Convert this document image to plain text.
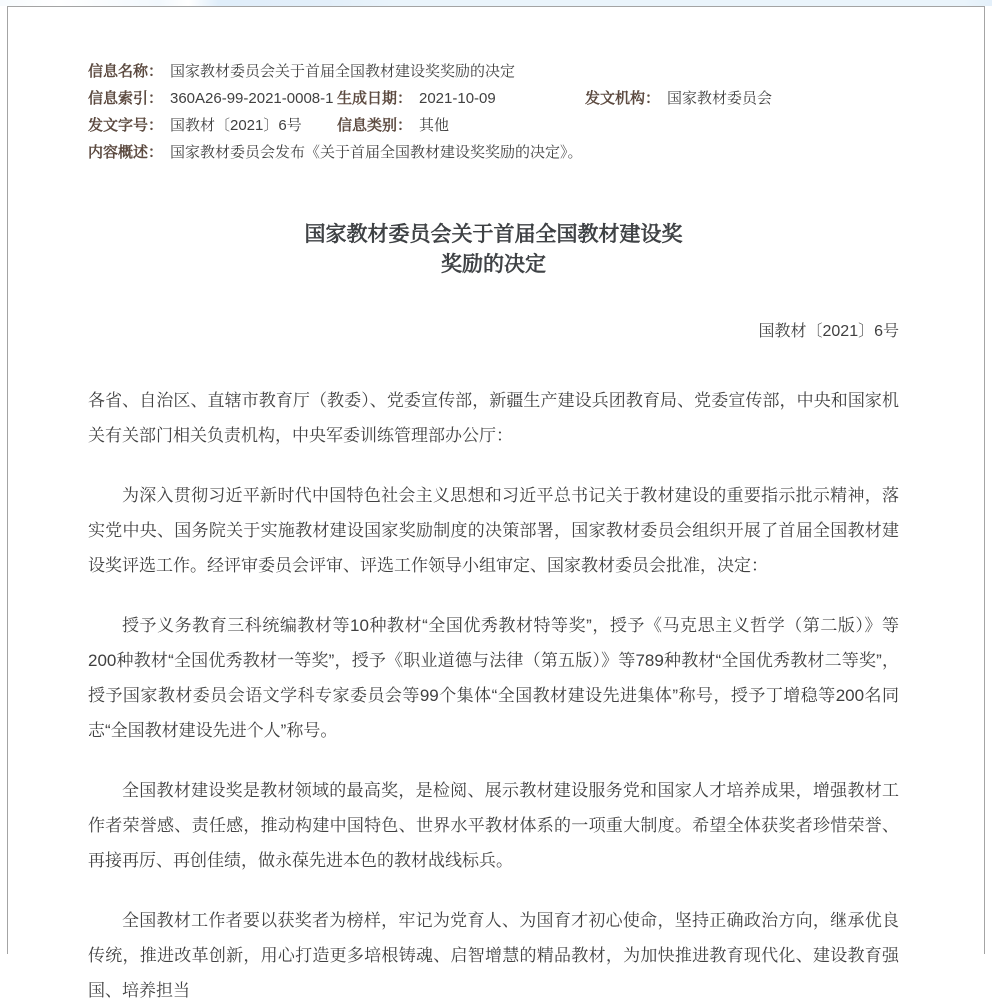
信息名称： 国家教材委员会关于首届全国教材建设奖奖励的决定
信息索引： 360A26-99-2021-0008-1 生成日期： 2021-10-09	发文机构： 国家教材委员会
发文字号： 国教材〔2021〕6号 信息类别： 其他
内容概述： 国家教材委员会发布《关于首届全国教材建设奖奖励的决定》。
国家教材委员会关于首届全国教材建设奖
奖励的决定
国教材〔2021〕6号

各省、自治区、直辖市教育厅（教委）、党委宣传部，新疆生产建设兵团教育局、党委宣传部，中央和国家机关有关部门相关负责机构，中央军委训练管理部办公厅：

为深入贯彻习近平新时代中国特色社会主义思想和习近平总书记关于教材建设的重要指示批示精神，落实党中央、国务院关于实施教材建设国家奖励制度的决策部署，国家教材委员会组织开展了首届全国教材建设奖评选工作。经评审委员会评审、评选工作领导小组审定、国家教材委员会批准，决定：

授予义务教育三科统编教材等10种教材“全国优秀教材特等奖”，授予《马克思主义哲学（第二版）》等200种教材“全国优秀教材一等奖”，授予《职业道德与法律（第五版）》等789种教材“全国优秀教材二等奖”，授予国家教材委员会语文学科专家委员会等99个集体“全国教材建设先进集体”称号，授予丁增稳等200名同志“全国教材建设先进个人”称号。

全国教材建设奖是教材领域的最高奖，是检阅、展示教材建设服务党和国家人才培养成果，增强教材工作者荣誉感、责任感，推动构建中国特色、世界水平教材体系的一项重大制度。希望全体获奖者珍惜荣誉、再接再厉、再创佳绩，做永葆先进本色的教材战线标兵。

全国教材工作者要以获奖者为榜样，牢记为党育人、为国育才初心使命，坚持正确政治方向，继承优良传统，推进改革创新，用心打造更多培根铸魂、启智增慧的精品教材，为加快推进教育现代化、建设教育强国、培养担当
